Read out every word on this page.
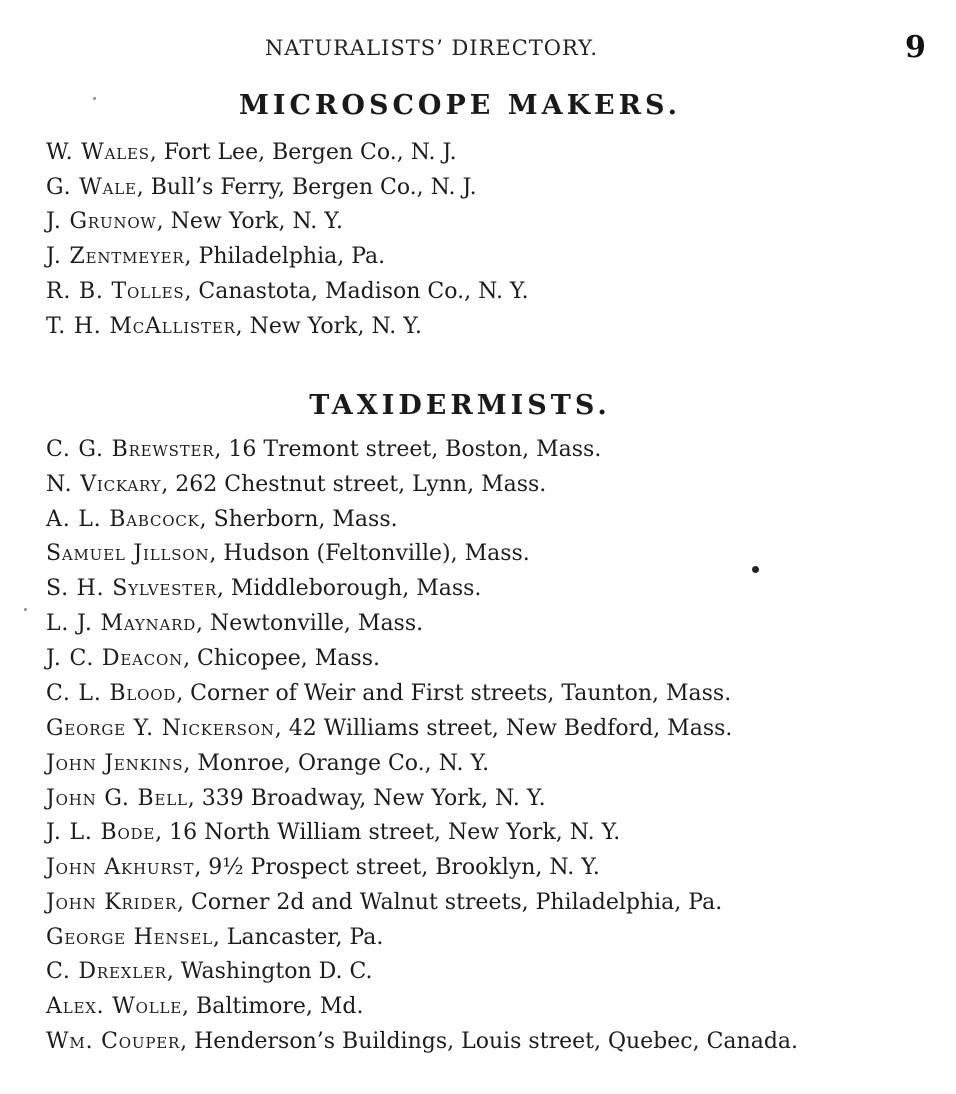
NATURALISTS’ DIRECTORY.	9
MICROSCOPE MAKERS.
W. Wales, Fort Lee, Bergen Co., N. J.
G. Wale, Bull’s Ferry, Bergen Co., N. J.
J. Grunow, New York, N. Y.
J. Zentmeyer, Philadelphia, Pa.
R. B. Tolles, Canastota, Madison Co., N. Y.
T. H. McAllister, New York, N. Y.
TAXIDERMISTS.
C. G. Brewster, 16 Tremont street, Boston, Mass.
N. Vickary, 262 Chestnut street, Lynn, Mass.
A. L. Babcock, Sherborn, Mass.
Samuel Jillson, Hudson (Feltonville), Mass.
S. H. Sylvester, Middleborough, Mass.
L. J. Maynard, Newtonville, Mass.
J. C. Deacon, Chicopee, Mass.
C. L. Blood, Corner of Weir and First streets, Taunton, Mass.
George Y. Nickerson, 42 Williams street, New Bedford, Mass.
John Jenkins, Monroe, Orange Co., N. Y.
John G. Bell, 339 Broadway, New York, N. Y.
J. L. Bode, 16 North William street, New York, N. Y.
John Akhurst, 9½ Prospect street, Brooklyn, N. Y.
John Krider, Corner 2d and Walnut streets, Philadelphia, Pa.
George Hensel, Lancaster, Pa.
C. Drexler, Washington D. C.
Alex. Wolle, Baltimore, Md.
Wm. Couper, Henderson’s Buildings, Louis street, Quebec, Canada.
